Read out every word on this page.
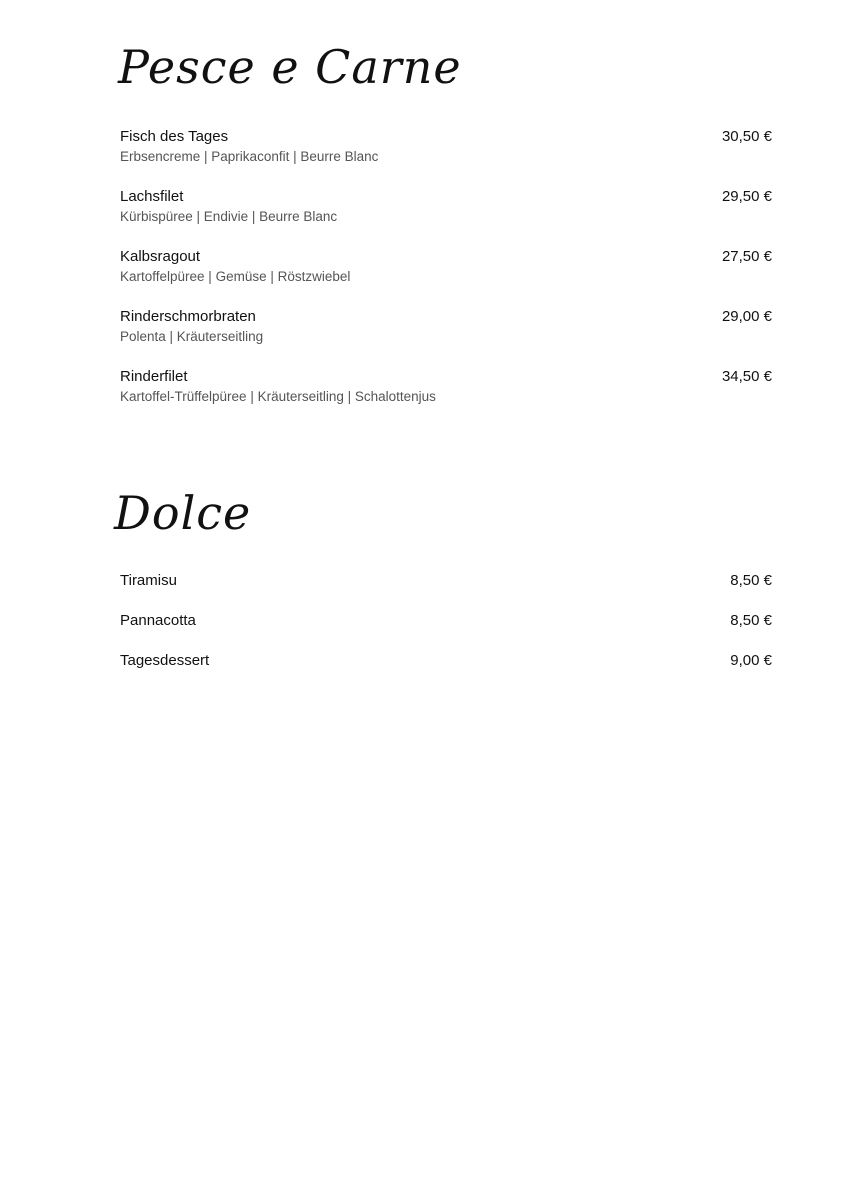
Pesce e Carne
Fisch des Tages
Erbsencreme | Paprikaconfit | Beurre Blanc
30,50 €
Lachsfilet
Kürbispüree | Endivie | Beurre Blanc
29,50 €
Kalbsragout
Kartoffelpüree | Gemüse | Röstzwiebel
27,50 €
Rinderschmorbraten
Polenta | Kräuterseitling
29,00 €
Rinderfilet
Kartoffel-Trüffelpüree | Kräuterseitling | Schalottenjus
34,50 €
Dolce
Tiramisu	8,50 €
Pannacotta	8,50 €
Tagesdessert	9,00 €
